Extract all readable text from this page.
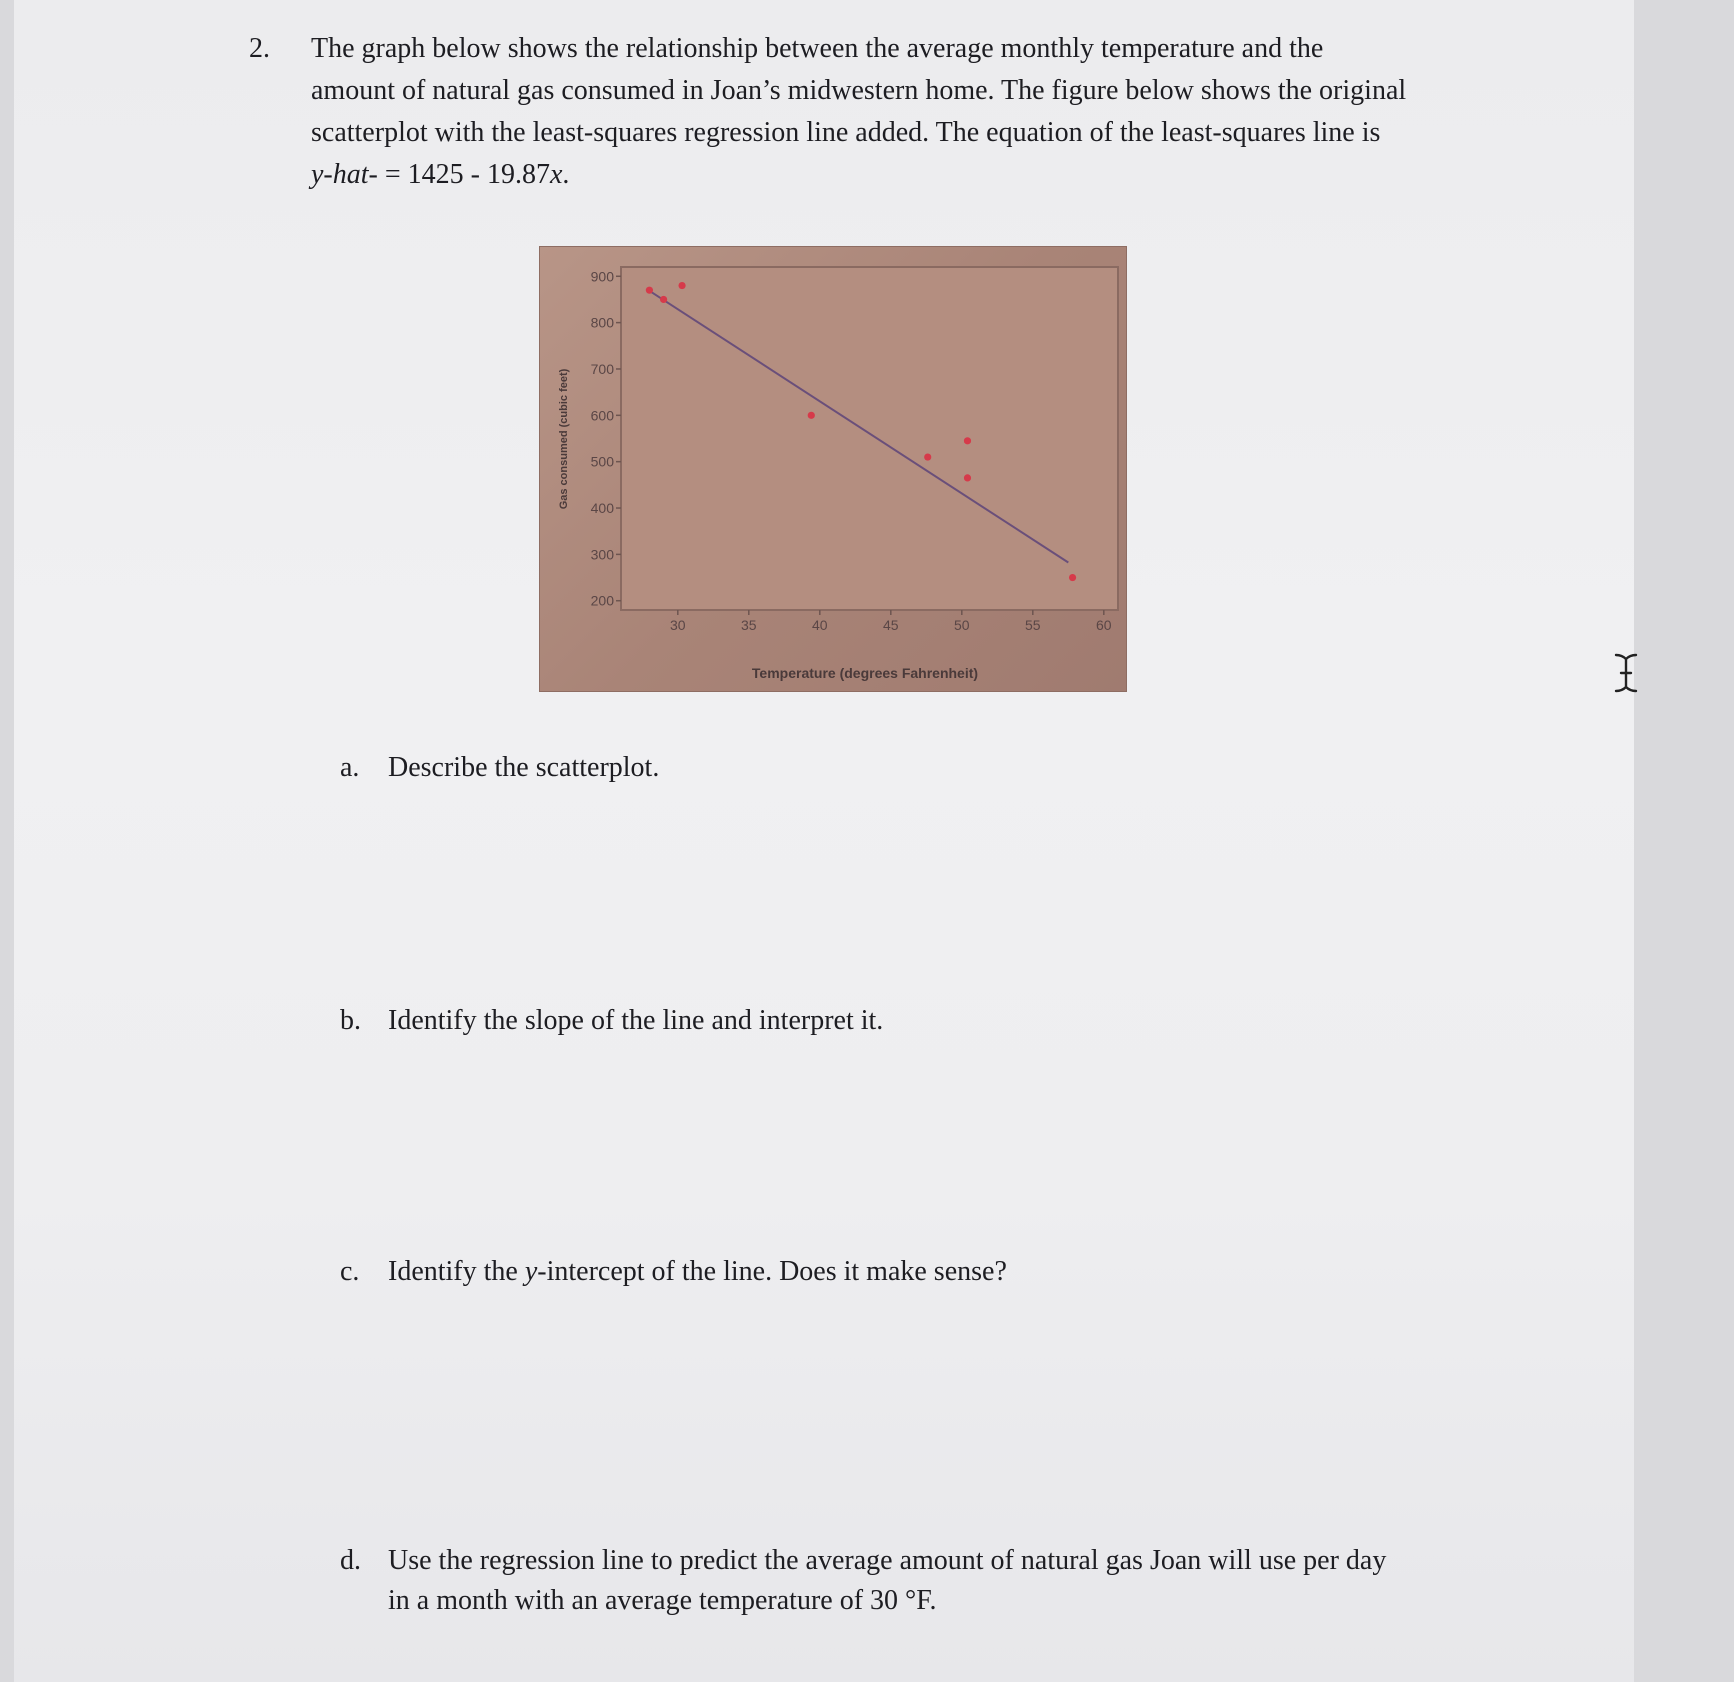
2.	The graph below shows the relationship between the average monthly temperature and the
amount of natural gas consumed in Joan’s midwestern home. The figure below shows the original
scatterplot with the least-squares regression line added. The equation of the least-squares line is
y-hat- = 1425 - 19.87x.
200
300
400
500
600
700
800
900
30	35	40	45	50	55	60
Temperature (degrees Fahrenheit)
Gas consumed (cubic feet)
a. Describe the scatterplot.
b. Identify the slope of the line and interpret it.
c. Identify the y-intercept of the line. Does it make sense?
d. Use the regression line to predict the average amount of natural gas Joan will use per day
in a month with an average temperature of 30 °F.
